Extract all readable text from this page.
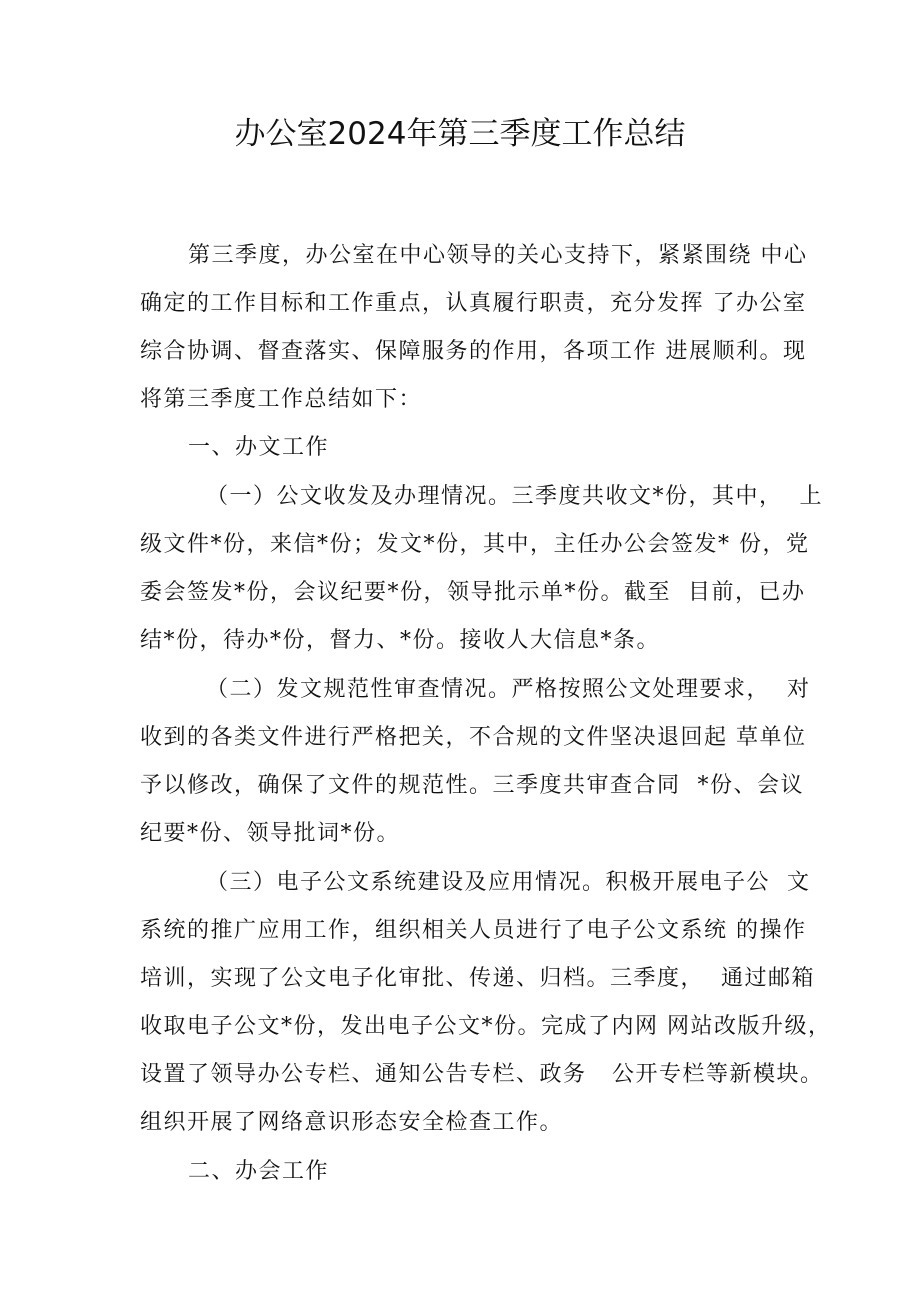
办公室2024年第三季度工作总结
第三季度，办公室在中心领导的关心支持下，紧紧围绕 中心
确定的工作目标和工作重点，认真履行职责，充分发挥 了办公室
综合协调、督查落实、保障服务的作用，各项工作 进展顺利。现
将第三季度工作总结如下：
一、办文工作
（一）公文收发及办理情况。三季度共收文*份，其中，  上
级文件*份，来信*份；发文*份，其中，主任办公会签发* 份，党
委会签发*份，会议纪要*份，领导批示单*份。截至  目前，已办
结*份，待办*份，督力、*份。接收人大信息*条。
（二）发文规范性审查情况。严格按照公文处理要求，  对
收到的各类文件进行严格把关，不合规的文件坚决退回起 草单位
予以修改，确保了文件的规范性。三季度共审查合同  *份、会议
纪要*份、领导批词*份。
（三）电子公文系统建设及应用情况。积极开展电子公  文
系统的推广应用工作，组织相关人员进行了电子公文系统 的操作
培训，实现了公文电子化审批、传递、归档。三季度，  通过邮箱
收取电子公文*份，发出电子公文*份。完成了内网 网站改版升级，
设置了领导办公专栏、通知公告专栏、政务   公开专栏等新模块。
组织开展了网络意识形态安全检查工作。
二、办会工作
